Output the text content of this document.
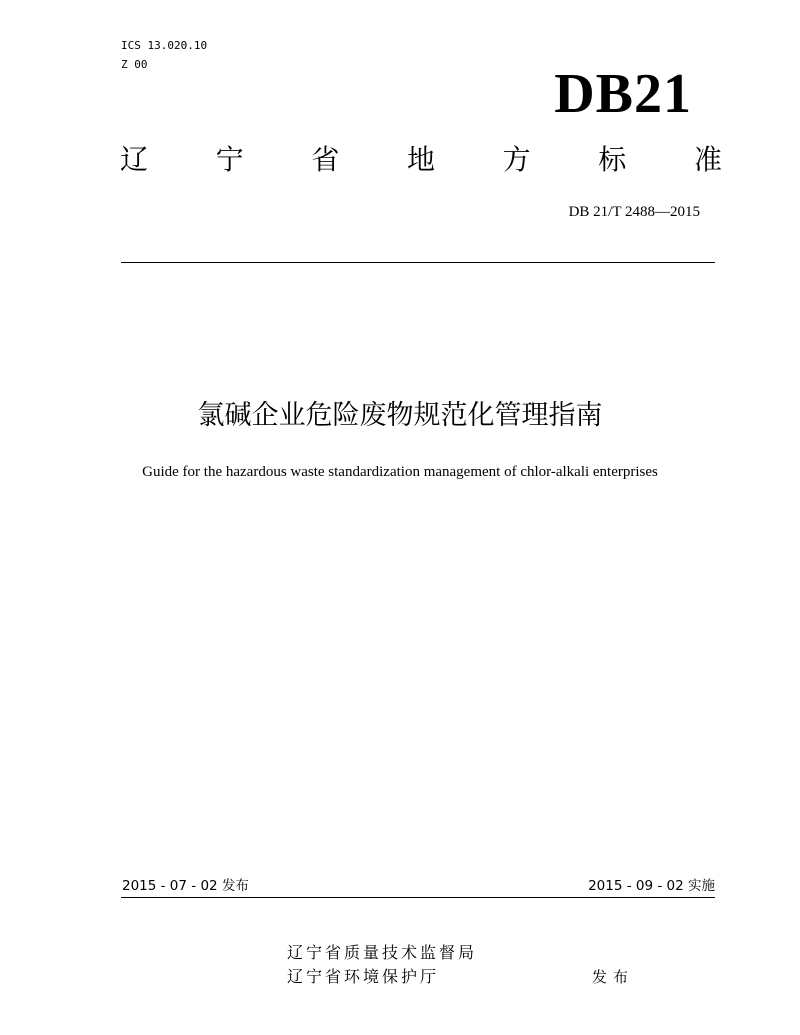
ICS 13.020.10
Z 00	DB21
辽 宁 省 地 方 标 准
DB 21/T 2488—2015
氯碱企业危险废物规范化管理指南
Guide for the hazardous waste standardization management of chlor-alkali enterprises
2015 - 07 - 02 发布	2015 - 09 - 02 实施
辽宁省质量技术监督局
辽宁省环境保护厅	发布
